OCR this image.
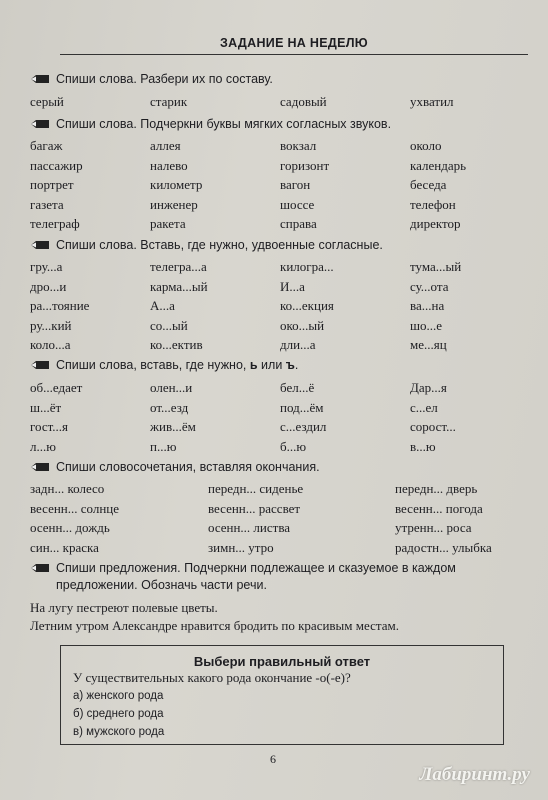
ЗАДАНИЕ НА НЕДЕЛЮ
Спиши слова. Разбери их по составу.
серый	старик	садовый	ухватил
Спиши слова. Подчеркни буквы мягких согласных звуков.
багаж	аллея	вокзал	около
пассажир	налево	горизонт	календарь
портрет	километр	вагон	беседа
газета	инженер	шоссе	телефон
телеграф	ракета	справа	директор
Спиши слова. Вставь, где нужно, удвоенные согласные.
гру...а	телегра...а	килогра...	тума...ый
дро...и	карма...ый	И...а	су...ота
ра...тояние	А...а	ко...екция	ва...на
ру...кий	со...ый	око...ый	шо...е
коло...а	ко...ектив	дли...а	ме...яц
Спиши слова, вставь, где нужно, ь или ъ.
об...едает	олен...и	бел...ё	Дар...я
ш...ёт	от...езд	под...ём	с...ел
гост...я	жив...ём	с...ездил	сорост...
л...ю	п...ю	б...ю	в...ю
Спиши словосочетания, вставляя окончания.
задн... колесо	передн... сиденье	передн... дверь
весенн... солнце	весенн... рассвет	весенн... погода
осенн... дождь	осенн... листва	утренн... роса
син... краска	зимн... утро	радостн... улыбка
Спиши предложения. Подчеркни подлежащее и сказуемое в каждом
предложении. Обозначь части речи.
На лугу пестреют полевые цветы.
Летним утром Александре нравится бродить по красивым местам.
Выбери правильный ответ
У существительных какого рода окончание -о(-е)?
а) женского рода
б) среднего рода
в) мужского рода
6
Лабиринт.ру
